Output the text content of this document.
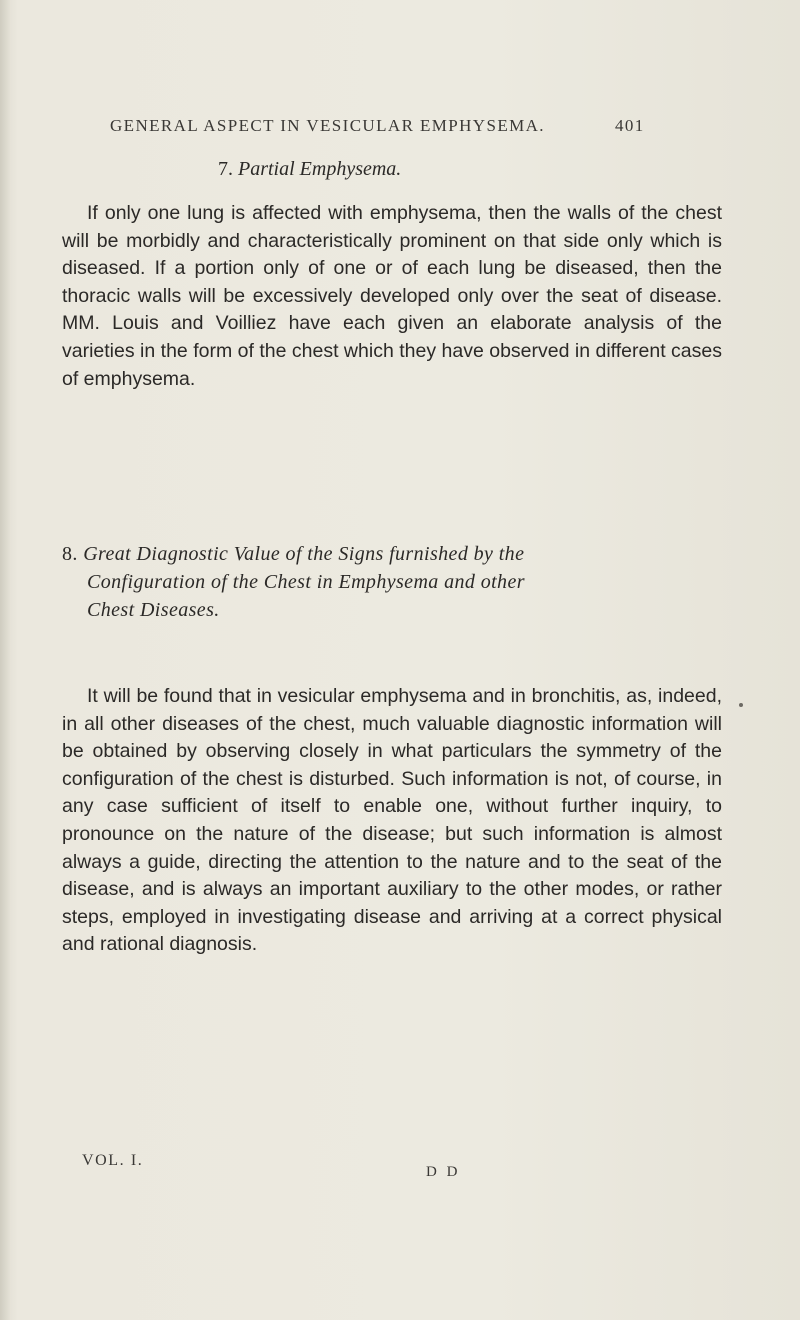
GENERAL ASPECT IN VESICULAR EMPHYSEMA.	401
7. Partial Emphysema.

If only one lung is affected with emphysema, then the walls of the chest will be morbidly and characteristically prominent on that side only which is diseased. If a portion only of one or of each lung be diseased, then the thoracic walls will be excessively developed only over the seat of disease. MM. Louis and Voilliez have each given an elaborate analysis of the varieties in the form of the chest which they have observed in different cases of emphysema.

8. Great Diagnostic Value of the Signs furnished by the
Configuration of the Chest in Emphysema and other
Chest Diseases.

It will be found that in vesicular emphysema and in bronchitis, as, indeed, in all other diseases of the chest, much valuable diagnostic information will be obtained by observing closely in what particulars the symmetry of the configuration of the chest is disturbed. Such information is not, of course, in any case sufficient of itself to enable one, without further inquiry, to pronounce on the nature of the disease; but such information is almost always a guide, directing the attention to the nature and to the seat of the disease, and is always an important auxiliary to the other modes, or rather steps, employed in investigating disease and arriving at a correct physical and rational diagnosis.

VOL. I.
D D
